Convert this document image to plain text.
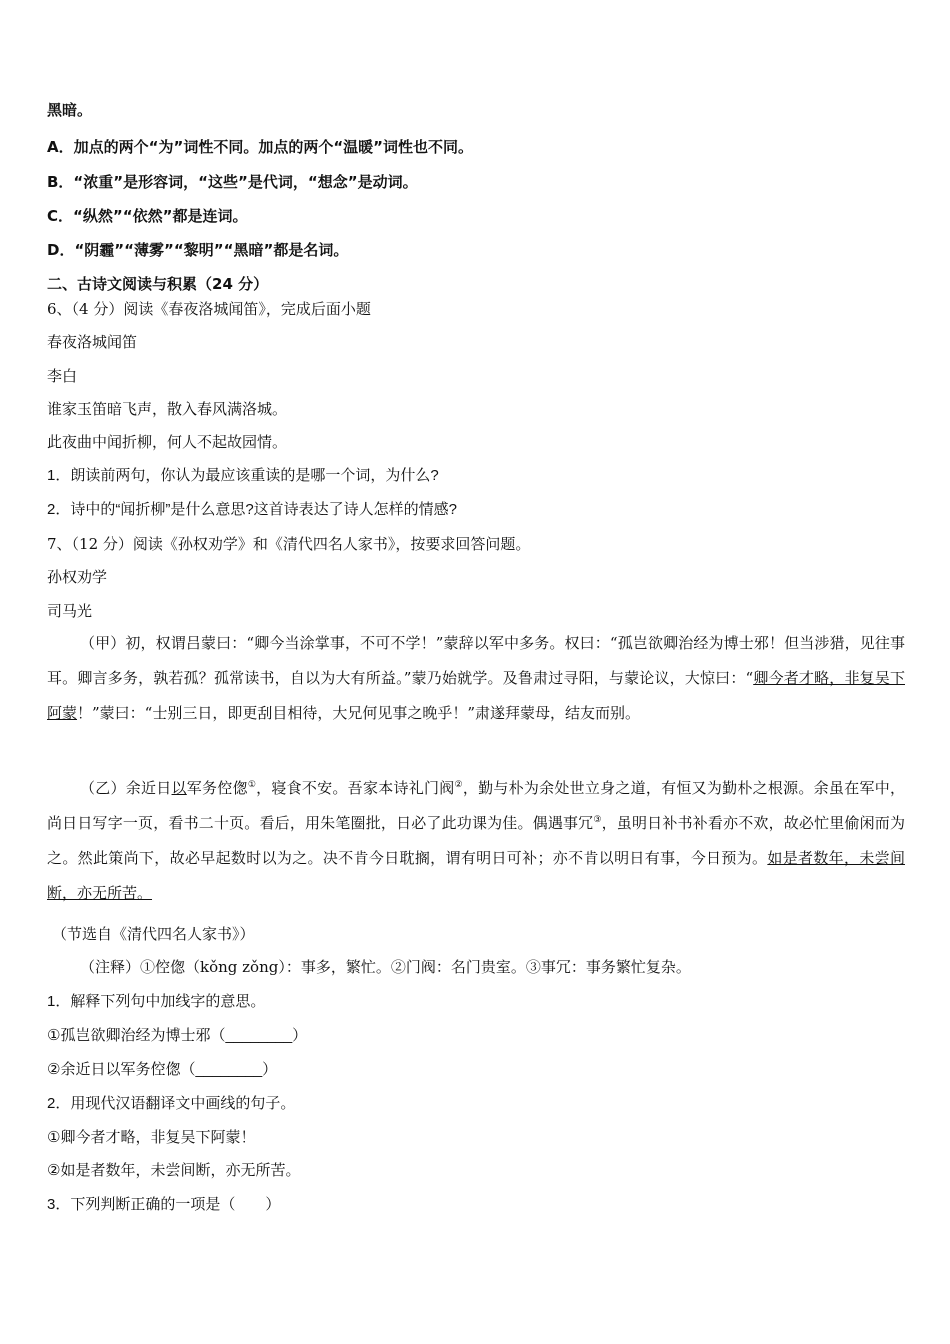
黑暗。
A．加点的两个“为”词性不同。加点的两个“温暖”词性也不同。
B．“浓重”是形容词，“这些”是代词，“想念”是动词。
C．“纵然”“依然”都是连词。
D．“阴霾”“薄雾”“黎明”“黑暗”都是名词。
二、古诗文阅读与积累（24 分）
6、（4 分）阅读《春夜洛城闻笛》，完成后面小题
春夜洛城闻笛
李白
谁家玉笛暗飞声，散入春风满洛城。
此夜曲中闻折柳，何人不起故园情。
1．朗读前两句，你认为最应该重读的是哪一个词，为什么?
2．诗中的“闻折柳”是什么意思?这首诗表达了诗人怎样的情感?
7、（12 分）阅读《孙权劝学》和《清代四名人家书》，按要求回答问题。
孙权劝学
司马光
（甲）初，权谓吕蒙曰：“卿今当涂掌事，不可不学！”蒙辞以军中多务。权曰：“孤岂欲卿治经为博士邪！但当涉猎，见往事耳。卿言多务，孰若孤？孤常读书，自以为大有所益。”蒙乃始就学。及鲁肃过寻阳，与蒙论议，大惊曰：“卿今者才略，非复吴下阿蒙！”蒙曰：“士别三日，即更刮目相待，大兄何见事之晚乎！”肃遂拜蒙母，结友而别。
（乙）余近日以军务倥偬①，寝食不安。吾家本诗礼门阀②，勤与朴为余处世立身之道，有恒又为勤朴之根源。余虽在军中，尚日日写字一页，看书二十页。看后，用朱笔圈批，日必了此功课为佳。偶遇事冗③，虽明日补书补看亦不欢，故必忙里偷闲而为之。然此策尚下，故必早起数时以为之。决不肯今日耽搁，谓有明日可补；亦不肯以明日有事，今日预为。如是者数年，未尝间断，亦无所苦。
（节选自《清代四名人家书》）
（注释）①倥偬（kǒng zǒng）：事多，繁忙。②门阀：名门贵室。③事冗：事务繁忙复杂。
1．解释下列句中加线字的意思。
①孤岂欲卿治经为博士邪（________）
②余近日以军务倥偬（________）
2．用现代汉语翻译文中画线的句子。
①卿今者才略，非复吴下阿蒙！
②如是者数年，未尝间断，亦无所苦。
3．下列判断正确的一项是（　　）
